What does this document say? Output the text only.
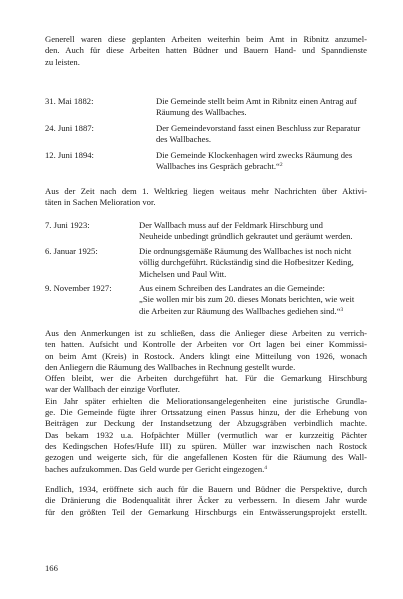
Generell waren diese geplanten Arbeiten weiterhin beim Amt in Ribnitz anzumel-
den. Auch für diese Arbeiten hatten Büdner und Bauern Hand- und Spanndienste
zu leisten.
31. Mai 1882:	Die Gemeinde stellt beim Amt in Ribnitz einen Antrag auf
Räumung des Wallbaches.
24. Juni 1887:	Der Gemeindevorstand fasst einen Beschluss zur Reparatur
des Wallbaches.
12. Juni 1894:	Die Gemeinde Klockenhagen wird zwecks Räumung des
Wallbaches ins Gespräch gebracht.“$^2$
Aus der Zeit nach dem 1. Weltkrieg liegen weitaus mehr Nachrichten über Aktivi-
täten in Sachen Melioration vor.
7. Juni 1923:	Der Wallbach muss auf der Feldmark Hirschburg und
Neuheide unbedingt gründlich gekrautet und geräumt werden.
6. Januar 1925:	Die ordnungsgemäße Räumung des Wallbaches ist noch nicht
völlig durchgeführt. Rückständig sind die Hofbesitzer Keding,
Michelsen und Paul Witt.
9. November 1927:	Aus einem Schreiben des Landrates an die Gemeinde:
„Sie wollen mir bis zum 20. dieses Monats berichten, wie weit
die Arbeiten zur Räumung des Wallbaches gediehen sind.“$^3$
Aus den Anmerkungen ist zu schließen, dass die Anlieger diese Arbeiten zu verrich-
ten hatten. Aufsicht und Kontrolle der Arbeiten vor Ort lagen bei einer Kommissi-
on beim Amt (Kreis) in Rostock. Anders klingt eine Mitteilung von 1926, wonach
den Anliegern die Räumung des Wallbaches in Rechnung gestellt wurde.
Offen bleibt, wer die Arbeiten durchgeführt hat. Für die Gemarkung Hirschburg
war der Wallbach der einzige Vorfluter.
Ein Jahr später erhielten die Meliorationsangelegenheiten eine juristische Grundla-
ge. Die Gemeinde fügte ihrer Ortssatzung einen Passus hinzu, der die Erhebung von
Beiträgen zur Deckung der Instandsetzung der Abzugsgräben verbindlich machte.
Das bekam 1932 u.a. Hofpächter Müller (vermutlich war er kurzzeitig Pächter
des Kedingschen Hofes/Hufe III) zu spüren. Müller war inzwischen nach Rostock
gezogen und weigerte sich, für die angefallenen Kosten für die Räumung des Wall-
baches aufzukommen. Das Geld wurde per Gericht eingezogen.$^4$
Endlich, 1934, eröffnete sich auch für die Bauern und Büdner die Perspektive, durch
die Dränierung die Bodenqualität ihrer Äcker zu verbessern. In diesem Jahr wurde
für den größten Teil der Gemarkung Hirschburgs ein Entwässerungsprojekt erstellt.
166
